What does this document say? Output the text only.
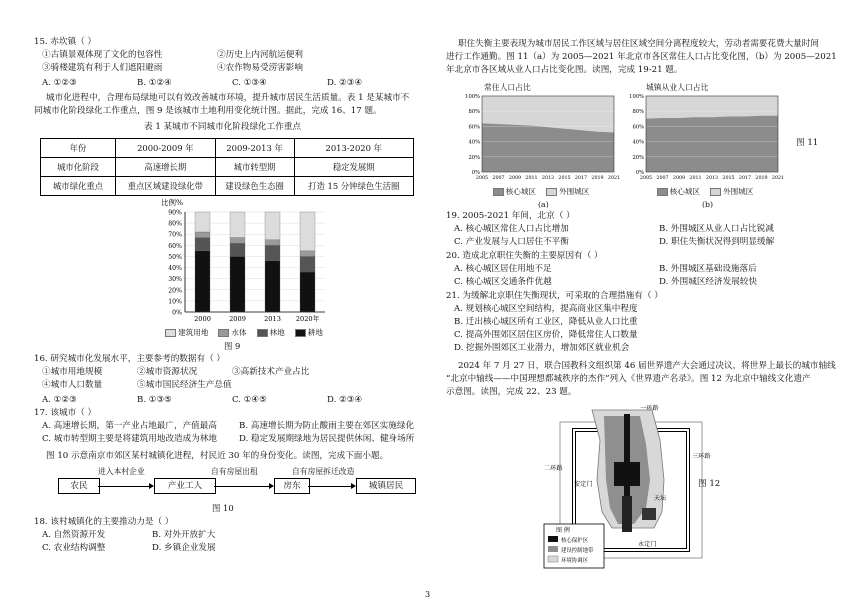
15. 赤坎镇（ ）

①古镇景观体现了文化的包容性	②历史上内河航运便利
③骑楼建筑有利于人们遮阳避雨	④农作物易受涝害影响
A. ①②③	B. ①②④	C. ①③④	D. ②③④

城市化进程中，合理布局绿地可以有效改善城市环境，提升城市居民生活质量。表 1 是某城市不

同城市化阶段绿化工作重点，图 9 是该城市土地利用变化统计图。据此，完成 16、17 题。

表 1 某城市不同城市化阶段绿化工作重点

年份	2000-2009 年	2009-2013 年	2013-2020 年
城市化阶段	高速增长期	城市转型期	稳定发展期
城市绿化重点	重点区域建设绿化带	建设绿色生态圈	打造 15 分钟绿色生活圈
比例%
0%
10%
20%
30%
40%
50%
60%
70%
80%
90%
2000	2009	2013 2020年
建筑用地	水体	林地	耕地

图 9

16. 研究城市化发展水平，主要参考的数据有（ ）

①城市用地规模	②城市资源状况	③高新技术产业占比
④城市人口数量	⑤城市国民经济生产总值
A. ①②③	B. ①③⑤	C. ①④⑤	D. ②③④

17. 该城市（ ）

A. 高速增长期，第一产业占地最广，产值最高	B. 高速增长期为防止酸雨主要在郊区实施绿化

C. 城市转型期主要是将建筑用地改造成为林地	D. 稳定发展期绿地为居民提供休闲、健身场所

图 10 示意南京市郊区某村城镇化进程，村民近 30 年的身份变化。读图，完成下面小题。

农民	产业工人	房东	城镇居民
进入本村企业	自有房屋出租	自有房屋拆迁改造

图 10

18. 该村城镇化的主要推动力是（ ）

A. 自然资源开发	B. 对外开放扩大
C. 农业结构调整	D. 乡镇企业发展

职住失衡主要表现为城市居民工作区域与居住区域空间分离程度较大，劳动者需要花费大量时间

进行工作通勤。图 11（a）为 2005—2021 年北京市各区常住人口占比变化图，（b）为 2005—2021

年北京市各区域从业人口占比变化图。读图，完成 19-21 题。

常住人口占比	城镇从业人口占比
0%
20%
40%
60%
80%
100%
2005 2007 2009 2011 2013 2015 2017 2019 2021
0%
20%
40%
60%
80%
100%
2005 2007 2009 2011 2013 2015 2017 2019 2021
核心城区	外围城区	核心城区	外围城区
(a)	(b)
图 11

19. 2005-2021 年间，北京（ ）

A. 核心城区常住人口占比增加	B. 外围城区从业人口占比锐减
C. 产业发展与人口居住不平衡	D. 职住失衡状况得到明显缓解

20. 造成北京职住失衡的主要原因有（ ）

A. 核心城区居住用地不足	B. 外围城区基础设施落后
C. 核心城区交通条件优越	D. 外围城区经济发展较快

21. 为缓解北京职住失衡现状，可采取的合理措施有（ ）

A. 规划核心城区空间结构，提高商业区集中程度

B. 迁出核心城区所有工业区，降低从业人口比重

C. 提高外围郊区居住区房价，降低常住人口数量

D. 挖掘外围郊区工业潜力，增加郊区就业机会

2024 年 7 月 27 日，联合国教科文组织第 46 届世界遗产大会通过决议，将世界上最长的城市轴线

“北京中轴线——中国理想都城秩序的杰作”列入《世界遗产名录》。图 12 为北京中轴线文化遗产

示意图。读图，完成 22、23 题。

一环路
二环路
三环路
安定门
天坛
永定门
图 例
核心保护区
建设控制地带
环境协调区
图 12
3
